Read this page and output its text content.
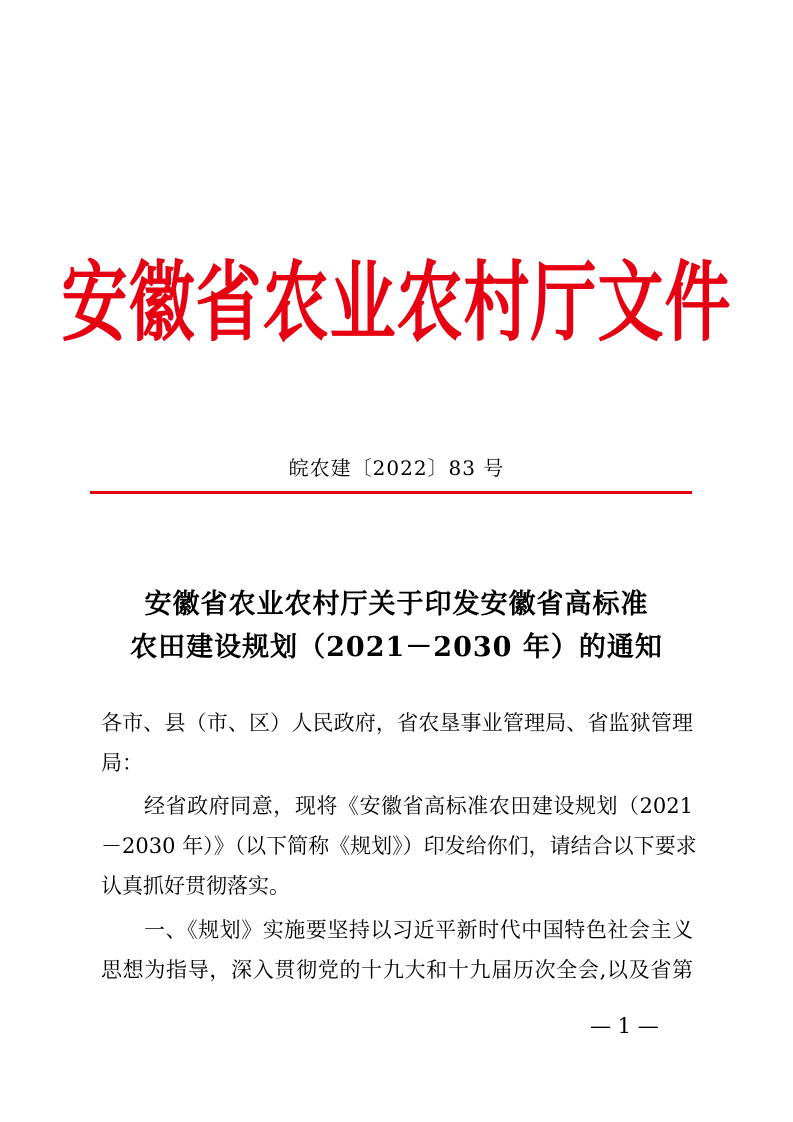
安徽省农业农村厅文件
皖农建〔2022〕83 号
安徽省农业农村厅关于印发安徽省高标准
农田建设规划（2021－2030 年）的通知
各市、县（市、区）人民政府，省农垦事业管理局、省监狱管理
局：
经省政府同意，现将《安徽省高标准农田建设规划（2021
－2030 年）》（以下简称《规划》）印发给你们，请结合以下要求
认真抓好贯彻落实。
一、《规划》实施要坚持以习近平新时代中国特色社会主义
思想为指导，深入贯彻党的十九大和十九届历次全会,以及省第
— 1 —
